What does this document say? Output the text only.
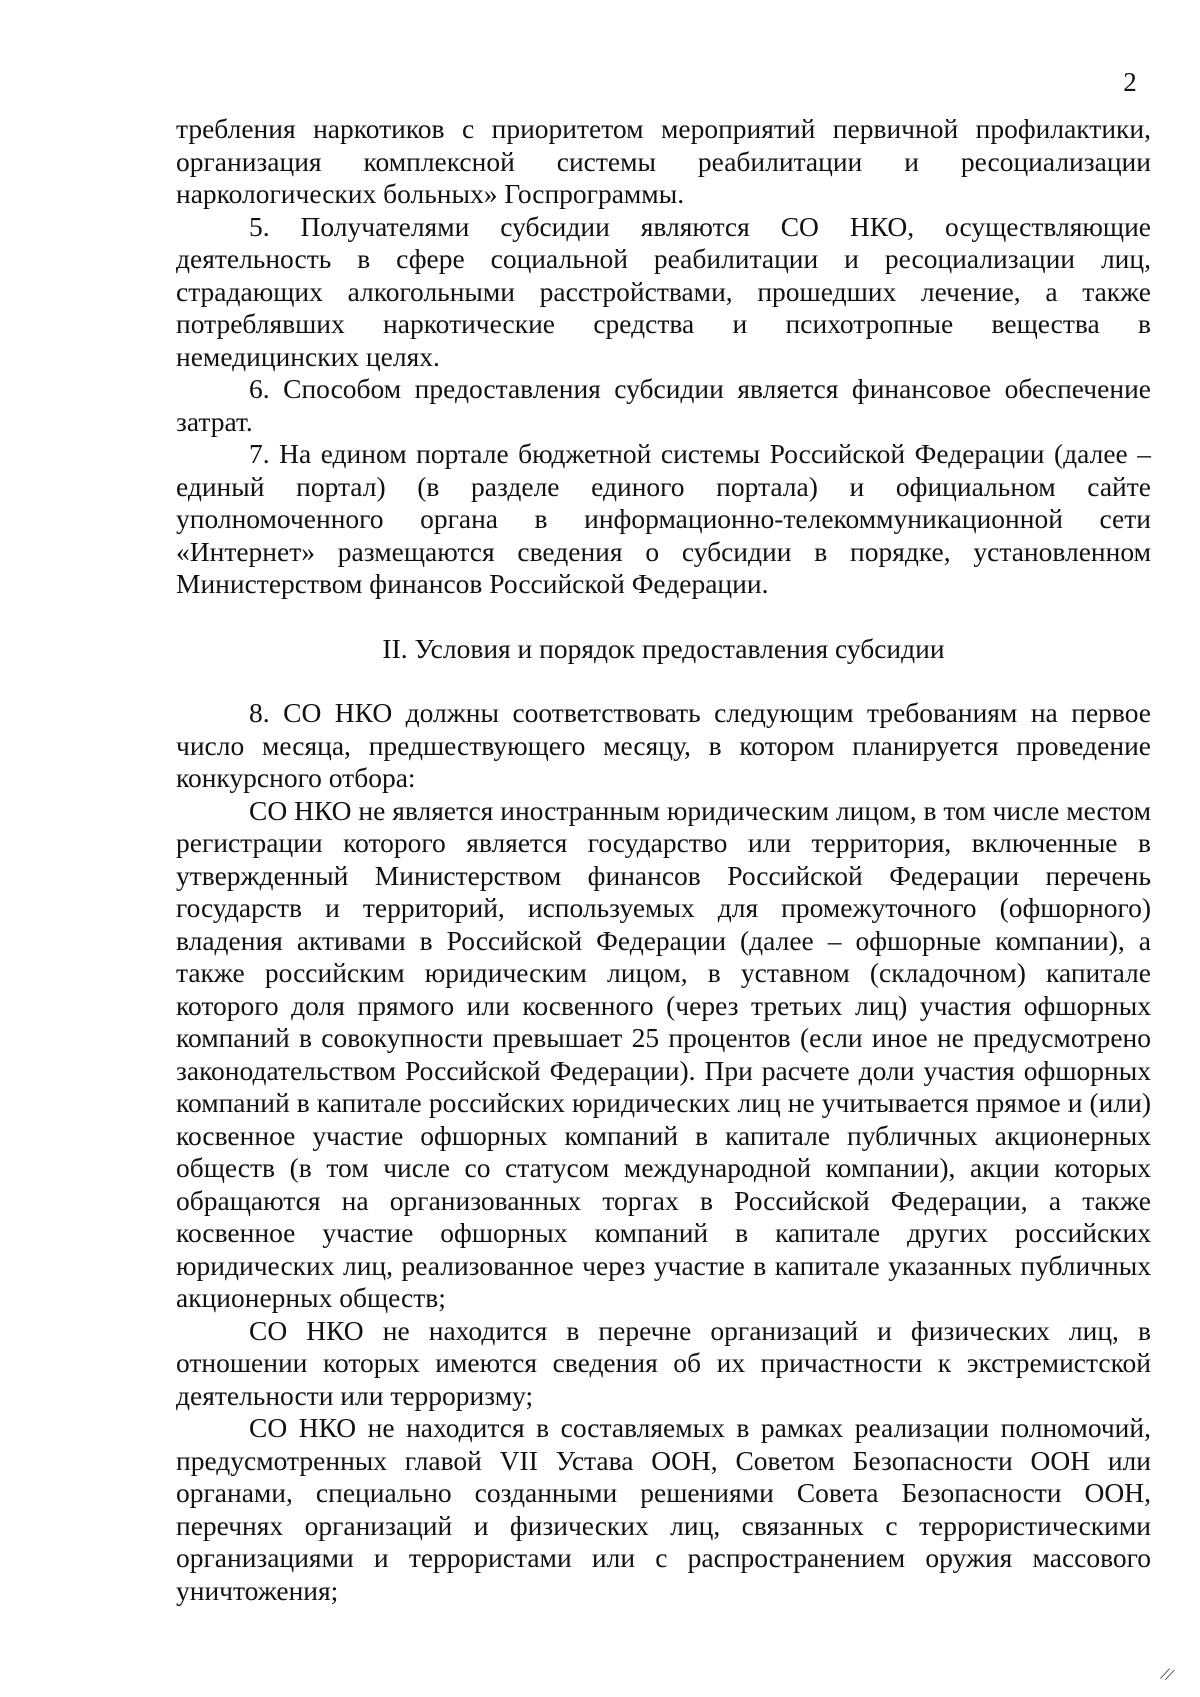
2

требления наркотиков с приоритетом мероприятий первичной профилактики, организация комплексной системы реабилитации и ресоциализации наркологических больных» Госпрограммы.

5. Получателями субсидии являются СО НКО, осуществляющие деятельность в сфере социальной реабилитации и ресоциализации лиц, страдающих алкогольными расстройствами, прошедших лечение, а также потреблявших наркотические средства и психотропные вещества в немедицинских целях.

6. Способом предоставления субсидии является финансовое обеспечение затрат.

7. На едином портале бюджетной системы Российской Федерации (далее – единый портал) (в разделе единого портала) и официальном сайте уполномоченного органа в информационно-телекоммуникационной сети «Интернет» размещаются сведения о субсидии в порядке, установленном Министерством финансов Российской Федерации.

II. Условия и порядок предоставления субсидии

8. СО НКО должны соответствовать следующим требованиям на первое число месяца, предшествующего месяцу, в котором планируется проведение конкурсного отбора:

СО НКО не является иностранным юридическим лицом, в том числе местом регистрации которого является государство или территория, включенные в утвержденный Министерством финансов Российской Федерации перечень государств и территорий, используемых для промежуточного (офшорного) владения активами в Российской Федерации (далее – офшорные компании), а также российским юридическим лицом, в уставном (складочном) капитале которого доля прямого или косвенного (через третьих лиц) участия офшорных компаний в совокупности превышает 25 процентов (если иное не предусмотрено законодательством Российской Федерации). При расчете доли участия офшорных компаний в капитале российских юридических лиц не учитывается прямое и (или) косвенное участие офшорных компаний в капитале публичных акционерных обществ (в том числе со статусом международной компании), акции которых обращаются на организованных торгах в Российской Федерации, а также косвенное участие офшорных компаний в капитале других российских юридических лиц, реализованное через участие в капитале указанных публичных акционерных обществ;

СО НКО не находится в перечне организаций и физических лиц, в отношении которых имеются сведения об их причастности к экстремистской деятельности или терроризму;

СО НКО не находится в составляемых в рамках реализации полномочий, предусмотренных главой VII Устава ООН, Советом Безопасности ООН или органами, специально созданными решениями Совета Безопасности ООН, перечнях организаций и физических лиц, связанных с террористическими организациями и террористами или с распространением оружия массового уничтожения;

//
